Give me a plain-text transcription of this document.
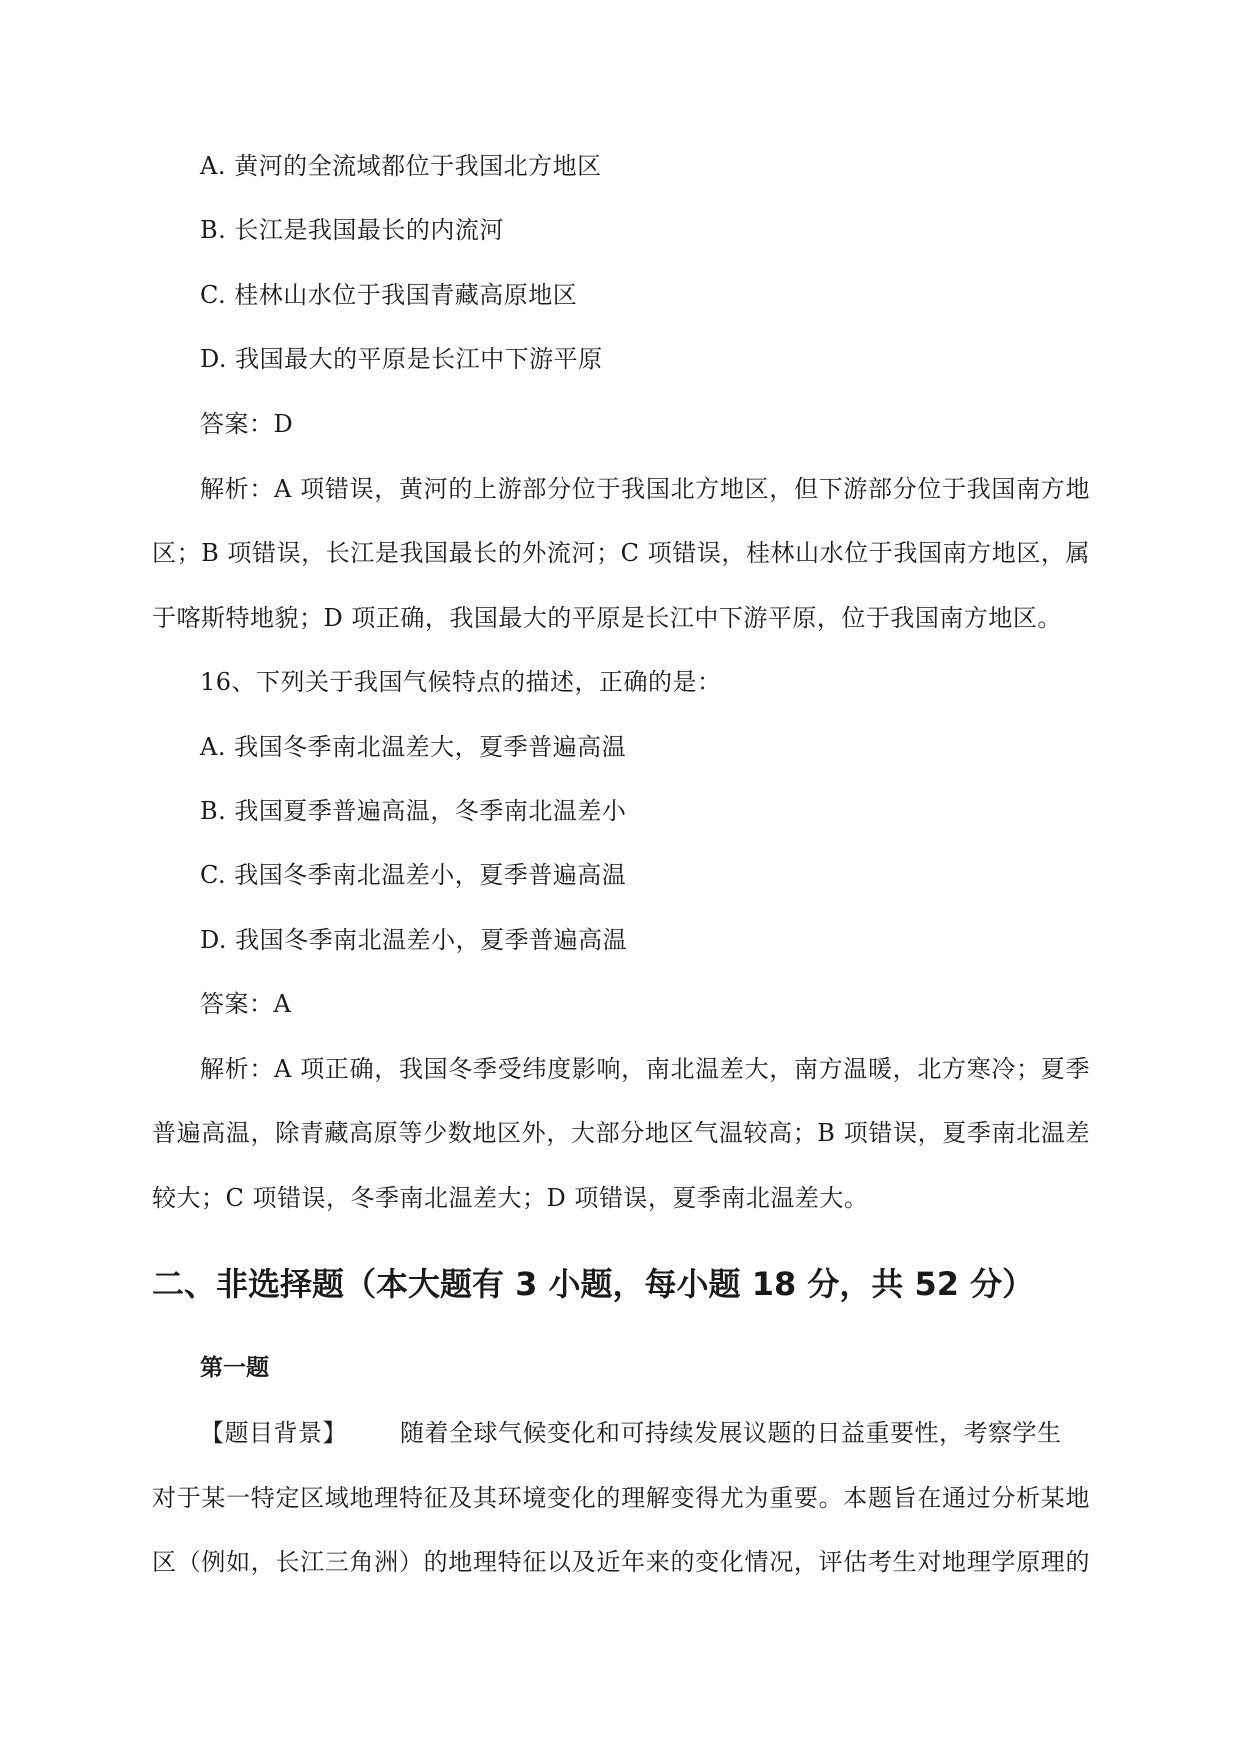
A. 黄河的全流域都位于我国北方地区
B. 长江是我国最长的内流河
C. 桂林山水位于我国青藏高原地区
D. 我国最大的平原是长江中下游平原
答案：D
解析：A 项错误，黄河的上游部分位于我国北方地区，但下游部分位于我国南方地
区；B 项错误，长江是我国最长的外流河；C 项错误，桂林山水位于我国南方地区，属
于喀斯特地貌；D 项正确，我国最大的平原是长江中下游平原，位于我国南方地区。
16、下列关于我国气候特点的描述，正确的是：
A. 我国冬季南北温差大，夏季普遍高温
B. 我国夏季普遍高温，冬季南北温差小
C. 我国冬季南北温差小，夏季普遍高温
D. 我国冬季南北温差小，夏季普遍高温
答案：A
解析：A 项正确，我国冬季受纬度影响，南北温差大，南方温暖，北方寒冷；夏季
普遍高温，除青藏高原等少数地区外，大部分地区气温较高；B 项错误，夏季南北温差
较大；C 项错误，冬季南北温差大；D 项错误，夏季南北温差大。
二、非选择题（本大题有 3 小题，每小题 18 分，共 52 分）
第一题
【题目背景】 随着全球气候变化和可持续发展议题的日益重要性，考察学生
对于某一特定区域地理特征及其环境变化的理解变得尤为重要。本题旨在通过分析某地
区（例如，长江三角洲）的地理特征以及近年来的变化情况，评估考生对地理学原理的
